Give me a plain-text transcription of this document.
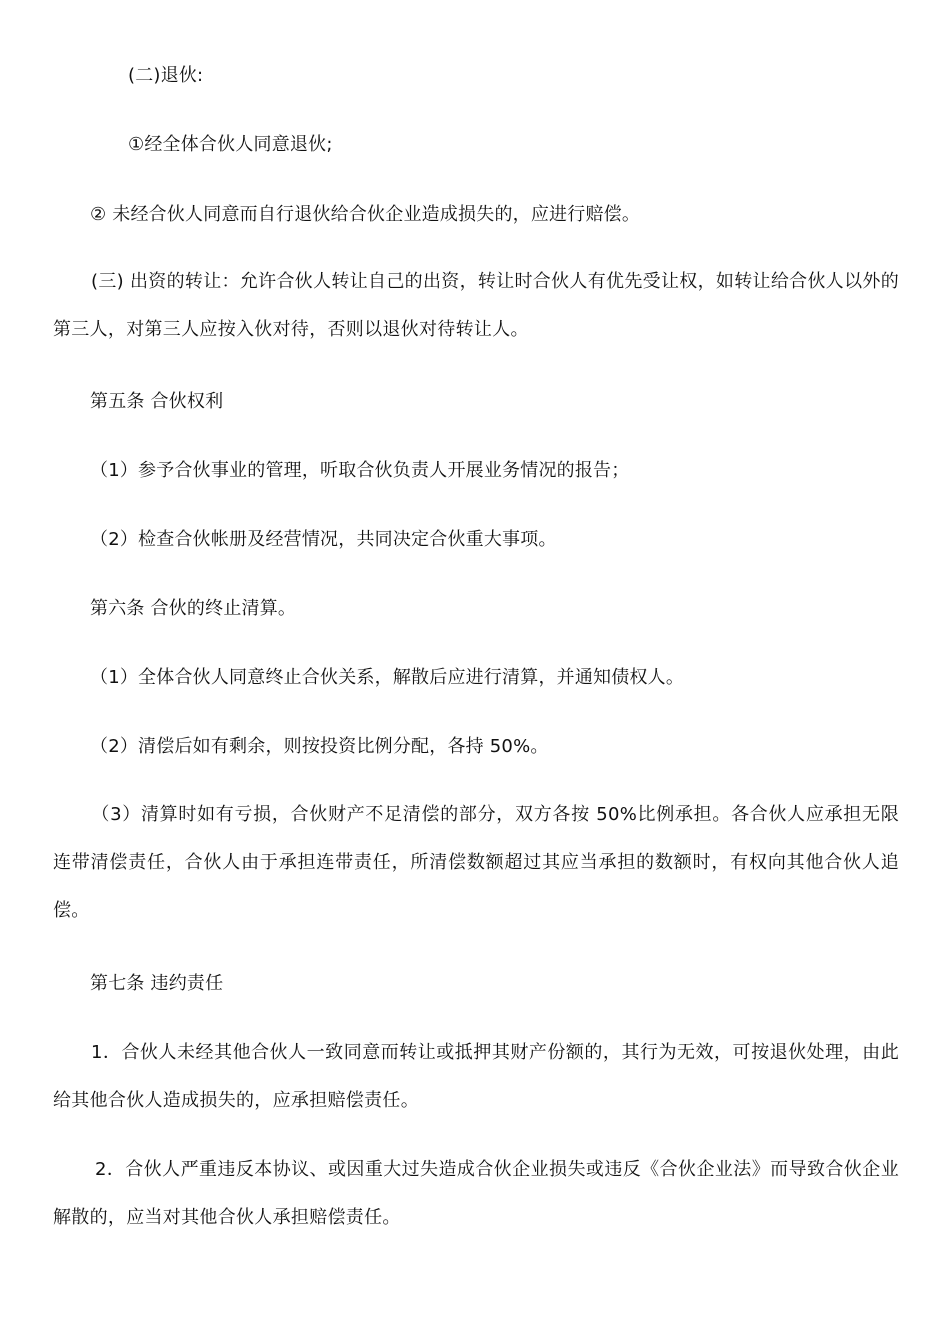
(二)退伙:
①经全体合伙人同意退伙;
② 未经合伙人同意而自行退伙给合伙企业造成损失的，应进行赔偿。
(三) 出资的转让：允许合伙人转让自己的出资，转让时合伙人有优先受让权，如转让给合伙人以外的第三人，对第三人应按入伙对待，否则以退伙对待转让人。
第五条 合伙权利
（1）参予合伙事业的管理，听取合伙负责人开展业务情况的报告；
（2）检查合伙帐册及经营情况，共同决定合伙重大事项。
第六条 合伙的终止清算。
（1）全体合伙人同意终止合伙关系，解散后应进行清算，并通知债权人。
（2）清偿后如有剩余，则按投资比例分配，各持 50%。
（3）清算时如有亏损，合伙财产不足清偿的部分，双方各按 50%比例承担。各合伙人应承担无限连带清偿责任，合伙人由于承担连带责任，所清偿数额超过其应当承担的数额时，有权向其他合伙人追偿。
第七条 违约责任
1．合伙人未经其他合伙人一致同意而转让或抵押其财产份额的，其行为无效，可按退伙处理，由此给其他合伙人造成损失的，应承担赔偿责任。
2．合伙人严重违反本协议、或因重大过失造成合伙企业损失或违反《合伙企业法》而导致合伙企业解散的，应当对其他合伙人承担赔偿责任。
